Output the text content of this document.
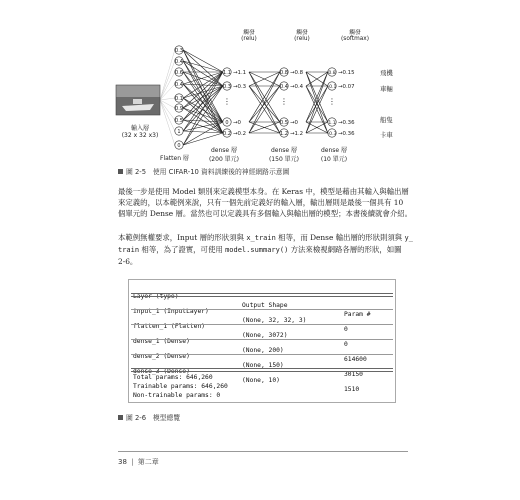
0.3
0.4
0.6
0.4
0.1
0.9
0.5
1
0
1.1 →1.1
0.3 →0.3
0 →0
0.2 →0.2
⋮
0.8 →0.8
0.4 →0.4
0.5 →0
1.2 →1.2
⋮
0.8 →0.15
-0.1 →0.07
1.1 →0.36
-0.3 →0.36
⋮
輸入層
(32 x 32 x3)
Flatten 層
dense 層
(200 單元)
dense 層
(150 單元)
dense 層
(10 單元)
觸發
(relu)
觸發
(relu)
觸發
(softmax)
飛機
車輛
船隻
卡車
圖 2-5　使用 CIFAR-10 資料訓練後的神經網路示意圖
最後一步是使用 Model 類別來定義模型本身。在 Keras 中，模型是藉由其輸入與輸出層
來定義的，以本範例來說，只有一個先前定義好的輸入層，輸出層則是最後一個具有 10
個單元的 Dense 層。當然也可以定義具有多個輸入與輸出層的模型；本書後續就會介紹。
本範例無權要求，Input 層的形狀須與 x_train 相等，而 Dense 輸出層的形狀則須與 y_
train 相等，為了證實，可使用 model.summary() 方法來檢視網路各層的形狀，如圖
2-6。

Layer (type)

Output Shape

Param #

input_1 (InputLayer)

(None, 32, 32, 3)

0

flatten_1 (Flatten)

(None, 3072)

0

dense_1 (Dense)

(None, 200)

614600

dense_2 (Dense)

(None, 150)

30150

dense_3 (Dense)

(None, 10)

1510

Total params: 646,260
Trainable params: 646,260
Non-trainable params: 0
圖 2-6　模型總覽
38 | 第二章
